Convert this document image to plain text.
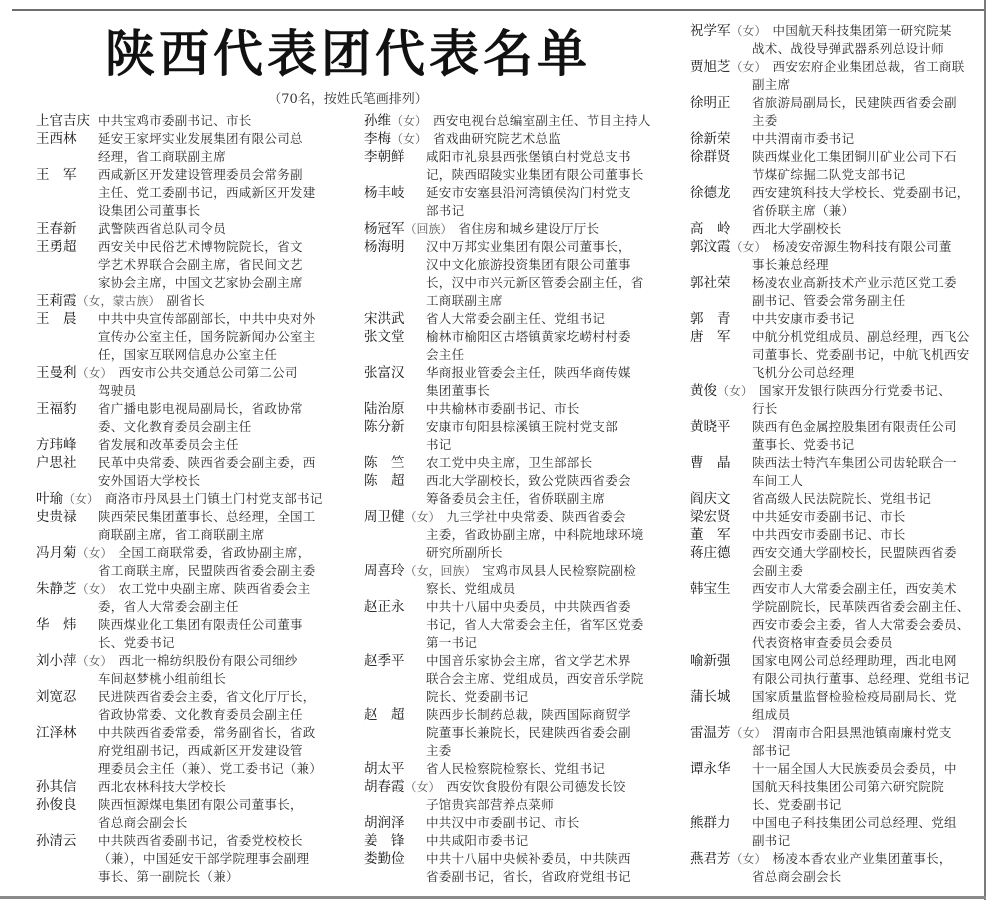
陕西代表团代表名单
（70名，按姓氏笔画排列）
上官吉庆 中共宝鸡市委副书记、市长
王西林	延安王家坪实业发展集团有限公司总
经理，省工商联副主席
王　军	西咸新区开发建设管理委员会常务副
主任、党工委副书记，西咸新区开发建
设集团公司董事长
王春新	武警陕西省总队司令员
王勇超	西安关中民俗艺术博物院院长，省文
学艺术界联合会副主席，省民间文艺
家协会主席，中国文艺家协会副主席
王莉霞（女，蒙古族） 副省长
王　晨	中共中央宣传部副部长，中共中央对外
宣传办公室主任，国务院新闻办公室主
任，国家互联网信息办公室主任
王曼利（女） 西安市公共交通总公司第二公司
驾驶员
王福豹	省广播电影电视局副局长，省政协常
委、文化教育委员会副主任
方玮峰	省发展和改革委员会主任
户思社	民革中央常委、陕西省委会副主委，西
安外国语大学校长
叶瑜（女） 商洛市丹凤县土门镇土门村党支部书记
史贵禄	陕西荣民集团董事长、总经理，全国工
商联副主席，省工商联副主席
冯月菊（女） 全国工商联常委，省政协副主席，
省工商联主席，民盟陕西省委会副主委
朱静芝（女） 农工党中央副主席、陕西省委会主
委，省人大常委会副主任
华　炜	陕西煤业化工集团有限责任公司董事
长、党委书记
刘小萍（女） 西北一棉纺织股份有限公司细纱
车间赵梦桃小组前组长
刘宽忍	民进陕西省委会主委，省文化厅厅长，
省政协常委、文化教育委员会副主任
江泽林	中共陕西省委常委，常务副省长，省政
府党组副书记，西咸新区开发建设管
理委员会主任（兼）、党工委书记（兼）
孙其信	西北农林科技大学校长
孙俊良	陕西恒源煤电集团有限公司董事长，
省总商会副会长
孙清云	中共陕西省委副书记，省委党校校长
（兼），中国延安干部学院理事会副理
事长、第一副院长（兼）
孙维（女） 西安电视台总编室副主任、节目主持人
李梅（女） 省戏曲研究院艺术总监
李朝鲜	咸阳市礼泉县西张堡镇白村党总支书
记，陕西昭陵实业集团有限公司董事长
杨丰岐	延安市安塞县沿河湾镇侯沟门村党支
部书记
杨冠军（回族） 省住房和城乡建设厅厅长
杨海明	汉中万邦实业集团有限公司董事长，
汉中文化旅游投资集团有限公司董事
长，汉中市兴元新区管委会副主任，省
工商联副主席
宋洪武	省人大常委会副主任、党组书记
张文堂	榆林市榆阳区古塔镇黄家圪崂村村委
会主任
张富汉	华商报业管委会主任，陕西华商传媒
集团董事长
陆治原	中共榆林市委副书记、市长
陈分新	安康市旬阳县棕溪镇王院村党支部
书记
陈　竺	农工党中央主席，卫生部部长
陈　超	西北大学副校长，致公党陕西省委会
筹备委员会主任，省侨联副主席
周卫健（女） 九三学社中央常委、陕西省委会
主委，省政协副主席，中科院地球环境
研究所副所长
周喜玲（女，回族） 宝鸡市凤县人民检察院副检
察长、党组成员
赵正永	中共十八届中央委员，中共陕西省委
书记，省人大常委会主任，省军区党委
第一书记
赵季平	中国音乐家协会主席，省文学艺术界
联合会主席、党组成员，西安音乐学院
院长、党委副书记
赵　超	陕西步长制药总裁，陕西国际商贸学
院董事长兼院长，民建陕西省委会副
主委
胡太平	省人民检察院检察长、党组书记
胡春霞（女） 西安饮食股份有限公司德发长饺
子馆贵宾部营养点菜师
胡润泽	中共汉中市委副书记、市长
姜　锋	中共咸阳市委书记
娄勤俭	中共十八届中央候补委员，中共陕西
省委副书记，省长，省政府党组书记
祝学军（女） 中国航天科技集团第一研究院某
战术、战役导弹武器系列总设计师
贾旭芝（女） 西安宏府企业集团总裁，省工商联
副主席
徐明正	省旅游局副局长，民建陕西省委会副
主委
徐新荣	中共渭南市委书记
徐群贤	陕西煤业化工集团铜川矿业公司下石
节煤矿综掘二队党支部书记
徐德龙	西安建筑科技大学校长、党委副书记，
省侨联主席（兼）
高　岭	西北大学副校长
郭汶霞（女） 杨凌安帝源生物科技有限公司董
事长兼总经理
郭社荣	杨凌农业高新技术产业示范区党工委
副书记、管委会常务副主任
郭　青	中共安康市委书记
唐　军	中航分机党组成员、副总经理，西飞公
司董事长、党委副书记，中航飞机西安
飞机分公司总经理
黄俊（女） 国家开发银行陕西分行党委书记、
行长
黄晓平	陕西有色金属控股集团有限责任公司
董事长、党委书记
曹　晶	陕西法士特汽车集团公司齿轮联合一
车间工人
阎庆文	省高级人民法院院长、党组书记
梁宏贤	中共延安市委副书记、市长
董　军	中共西安市委副书记、市长
蒋庄德	西安交通大学副校长，民盟陕西省委
会副主委
韩宝生	西安市人大常委会副主任，西安美术
学院副院长，民革陕西省委会副主任、
西安市委会主委，省人大常委会委员、
代表资格审查委员会委员
喻新强	国家电网公司总经理助理，西北电网
有限公司执行董事、总经理、党组书记
蒲长城	国家质量监督检验检疫局副局长、党
组成员
雷温芳（女） 渭南市合阳县黑池镇南廉村党支
部书记
谭永华	十一届全国人大民族委员会委员，中
国航天科技集团公司第六研究院院
长、党委副书记
熊群力	中国电子科技集团公司总经理、党组
副书记
燕君芳（女） 杨凌本香农业产业集团董事长，
省总商会副会长
